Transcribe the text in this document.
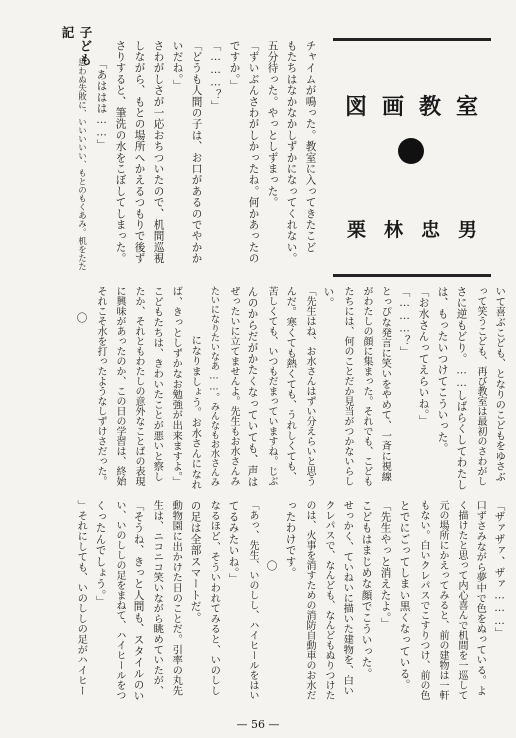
図 画 教 室
栗 林 忠 男
子ども
記
チャイムが鳴った。教室に入ってきたこど
もたちはなかなかしずかになってくれない。
五分待った。やっとしずまった。
「ずいぶんさわがしかったね。何かあったの
ですか。」
「………？」
「どうも人間の子は、お口があるのでやかか
いだね。」
さわがしさが一応おちついたので、机間巡視
しながら、もとの場所へかえるつもりで後ず
さりすると、筆洗の水をこぼしてしまった。
「あははは……」
思わぬ失敗に、いいいいい、もとのもくあみ。机をたた
いて喜ぶこども、となりのこどもをゆさぶ
って笑うこども、再び教室は最初のさわがし
さに逆もどり。……しばらくしてわたし
は、もったいつけてこういった。
「お水さんってえらいね。」
「………？」
とっぴな発言に笑いをやめて、一斉に視線
がわたしの顔に集まった。それでも、こども
たちには、何のことだか見当がつかないらし
い。
「先生はね、お水さんはずい分えらいと思う
んだ。寒くても熱くても、うれしくても、
苦しくても、いつもだまっていますね。じぶ
んのからだがかたくなっていても、声は
ぜったいに立てませんよ。先生もお水さんみ
たいになりたいなあ……。みんなもお水さんみ
になりましょう。お水さんになれ
ば、きっとしずかなお勉強が出来ますよ。」
こどもたちは、きわいたことが悪いと察し
たか、それともわたしの意外なことばの表現
に興味があったのか、この日の学習は、終始
それこそ水を打ったようなしずけさだった。
〇
「ザァザァ、ザァ………」
口ずさみながら夢中で色をぬっている。よ
く描けたと思って内心喜んで机間を一巡して
元の場所にかえってみると、前の建物は一軒
もない。白いクレパスでこすりつけ、前の色
とでにごってしまい黒くなっている。
「先生やっと消えたよ。」
こどもはまじめな顔でこういった。
せっかく、ていねいに描いた建物を、白い
クレパスで、なんども、なんどもぬりつけた
のは、火事を消すための消防自動車のお水だ
ったわけです。
〇
「あっ、先生、いのしし、ハイヒールをはい
てるみたいね。」
なるほど、そういわれてみると、いのしし
の足は全部スマートだ。
動物園に出かけた日のことだ。引率の丸先
生は、ニコニコ笑いながら眺めていたが、
「そうね、きっと人間も、スタイルのい
い、いのししの足をまねて、ハイヒールをつ
くったんでしょう。」
」それにしても、いのししの足がハイヒー
— 56 —
